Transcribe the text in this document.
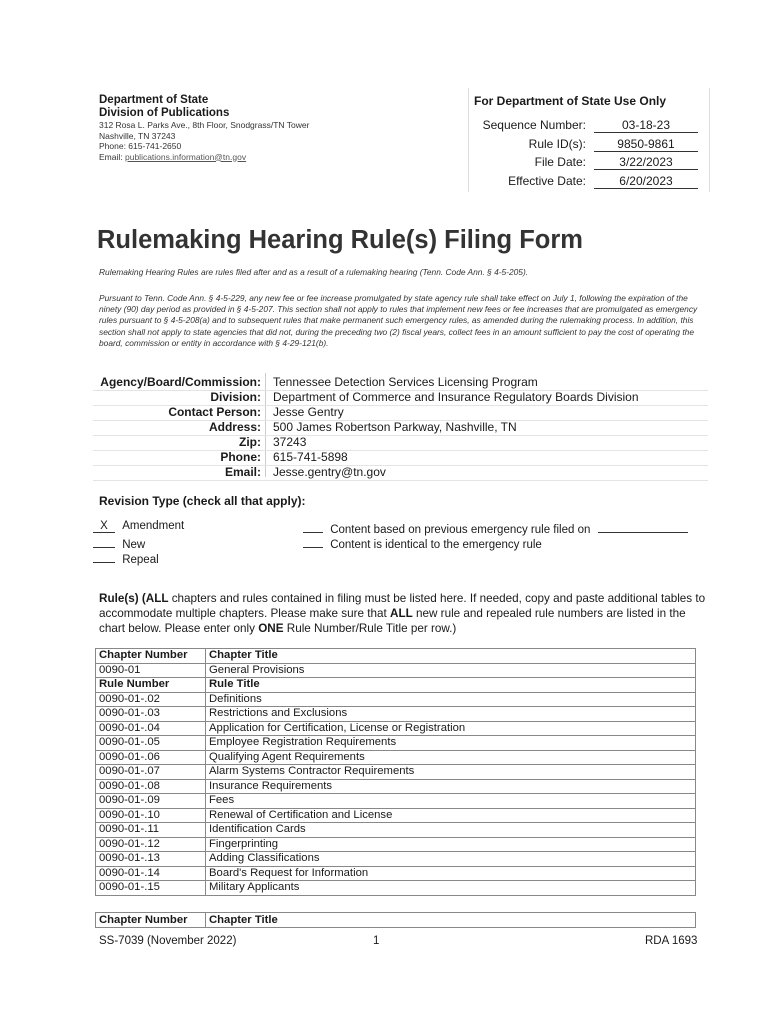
Department of State
Division of Publications
312 Rosa L. Parks Ave., 8th Floor, Snodgrass/TN Tower
Nashville, TN 37243
Phone: 615-741-2650
Email: publications.information@tn.gov
For Department of State Use Only
Sequence Number:	03-18-23
Rule ID(s):	9850-9861
File Date:	3/22/2023
Effective Date:	6/20/2023
Rulemaking Hearing Rule(s) Filing Form
Rulemaking Hearing Rules are rules filed after and as a result of a rulemaking hearing (Tenn. Code Ann. § 4-5-205).
Pursuant to Tenn. Code Ann. § 4-5-229, any new fee or fee increase promulgated by state agency rule shall take effect on July 1, following the expiration of the ninety (90) day period as provided in § 4-5-207. This section shall not apply to rules that implement new fees or fee increases that are promulgated as emergency rules pursuant to § 4-5-208(a) and to subsequent rules that make permanent such emergency rules, as amended during the rulemaking process. In addition, this section shall not apply to state agencies that did not, during the preceding two (2) fiscal years, collect fees in an amount sufficient to pay the cost of operating the board, commission or entity in accordance with § 4-29-121(b).
Agency/Board/Commission: Tennessee Detection Services Licensing Program
Division: Department of Commerce and Insurance Regulatory Boards Division
Contact Person: Jesse Gentry
Address: 500 James Robertson Parkway, Nashville, TN
Zip: 37243
Phone: 615-741-5898
Email: Jesse.gentry@tn.gov
Revision Type (check all that apply):
X Amendment
New
Repeal
Content based on previous emergency rule filed on
Content is identical to the emergency rule
Rule(s) (ALL chapters and rules contained in filing must be listed here. If needed, copy and paste additional tables to accommodate multiple chapters. Please make sure that ALL new rule and repealed rule numbers are listed in the chart below. Please enter only ONE Rule Number/Rule Title per row.)
Chapter Number	Chapter Title
0090-01	General Provisions
Rule Number	Rule Title
0090-01-.02	Definitions
0090-01-.03	Restrictions and Exclusions
0090-01-.04	Application for Certification, License or Registration
0090-01-.05	Employee Registration Requirements
0090-01-.06	Qualifying Agent Requirements
0090-01-.07	Alarm Systems Contractor Requirements
0090-01-.08	Insurance Requirements
0090-01-.09	Fees
0090-01-.10	Renewal of Certification and License
0090-01-.11	Identification Cards
0090-01-.12	Fingerprinting
0090-01-.13	Adding Classifications
0090-01-.14	Board's Request for Information
0090-01-.15	Military Applicants
Chapter Number	Chapter Title
SS-7039 (November 2022)	1	RDA 1693
